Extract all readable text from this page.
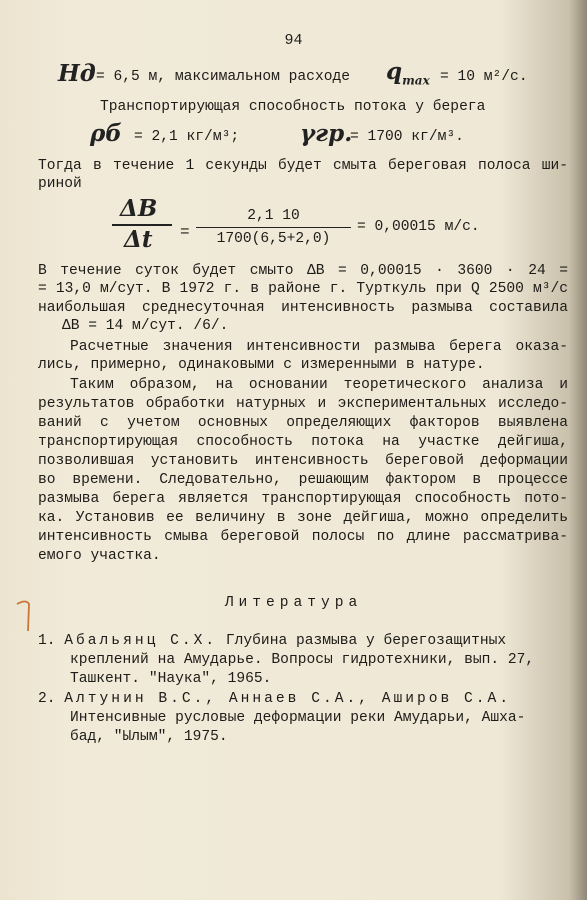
94
Нд = 6,5 м, максимальном расходе $q_{max} = 10$ м²/с.
Транспортирующая способность потока у берега
ρб = 2,1 кг/м³;	γгр.
= 1700 кг/м³.
Тогда в течение 1 секунды будет смыта береговая полоса ши-
риной
ΔB
$\Delta t = \frac{2,1 10}{1700(6,5+2,0)} = 0,00015$ м/с.
В течение суток будет смыто ΔB = 0,00015 · 3600 · 24 =
= 13,0 м/сут. В 1972 г. в районе г. Турткуль при Q 2500 м³/с
наибольшая среднесуточная интенсивность размыва составила
ΔB = 14 м/сут. /6/.
Расчетные значения интенсивности размыва берега оказа-
лись, примерно, одинаковыми с измеренными в натуре.
Таким образом, на основании теоретического анализа и
результатов обработки натурных и экспериментальных исследо-
ваний с учетом основных определяющих факторов выявлена
транспортирующая способность потока на участке дейгиша,
позволившая установить интенсивность береговой деформации
во времени. Следовательно, решающим фактором в процессе
размыва берега является транспортирующая способность пото-
ка. Установив ее величину в зоне дейгиша, можно определить
интенсивность смыва береговой полосы по длине рассматрива-
емого участка.
Литература
1. Абальянц С.Х. Глубина размыва у берегозащитных
креплений на Амударье. Вопросы гидротехники, вып. 27,
Ташкент. "Наука", 1965.
2. Алтунин В.С., Аннаев С.А., Аширов С.А.
Интенсивные русловые деформации реки Амударьи, Ашха-
бад, "Ылым", 1975.
